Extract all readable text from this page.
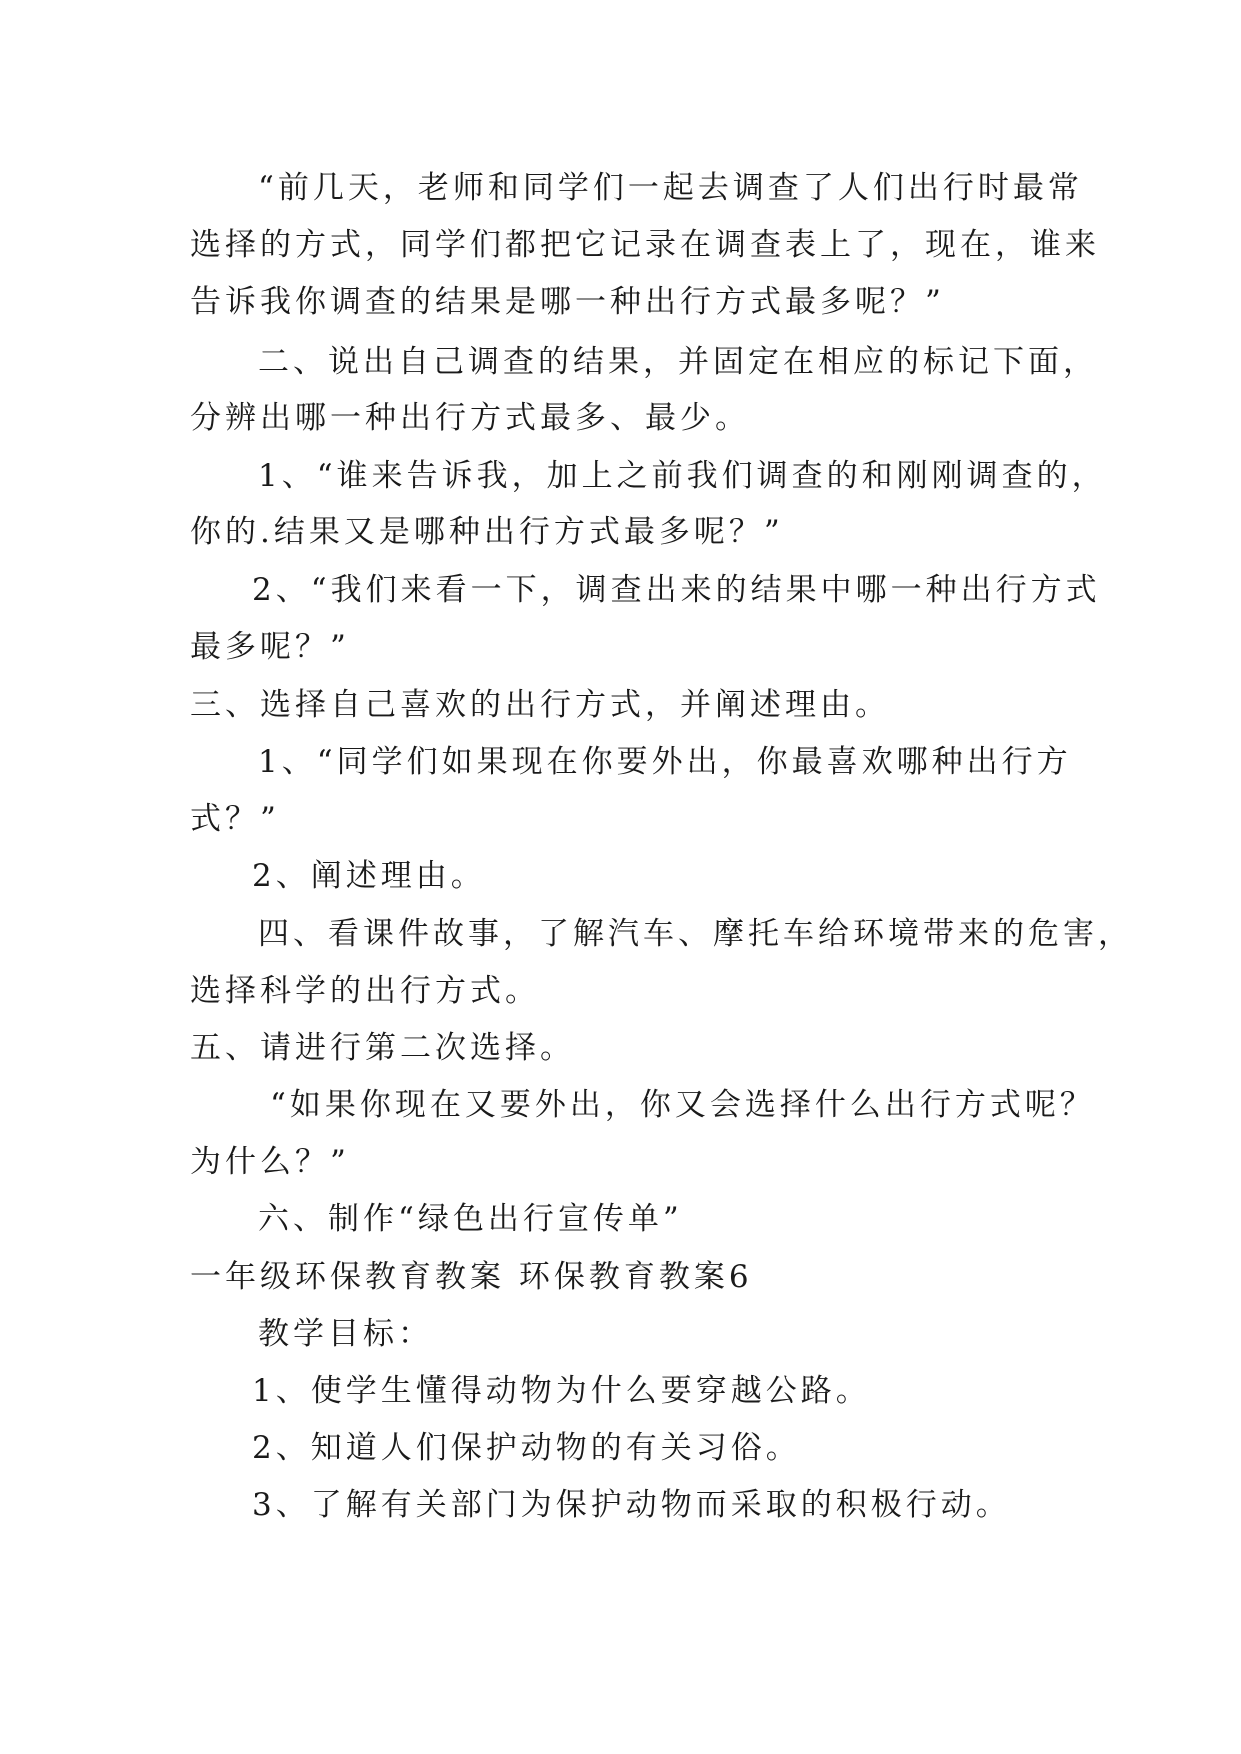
“前几天，老师和同学们一起去调查了人们出行时最常
选择的方式，同学们都把它记录在调查表上了，现在，谁来
告诉我你调查的结果是哪一种出行方式最多呢？”
二、说出自己调查的结果，并固定在相应的标记下面，
分辨出哪一种出行方式最多、最少。
1、“谁来告诉我，加上之前我们调查的和刚刚调查的，
你的.结果又是哪种出行方式最多呢？”
2、“我们来看一下，调查出来的结果中哪一种出行方式
最多呢？”
三、选择自己喜欢的出行方式，并阐述理由。
1、“同学们如果现在你要外出，你最喜欢哪种出行方
式？”
2、阐述理由。
四、看课件故事，了解汽车、摩托车给环境带来的危害，
选择科学的出行方式。
五、请进行第二次选择。
“如果你现在又要外出，你又会选择什么出行方式呢？
为什么？”
六、制作“绿色出行宣传单”
一年级环保教育教案 环保教育教案6
教学目标：
1、使学生懂得动物为什么要穿越公路。
2、知道人们保护动物的有关习俗。
3、了解有关部门为保护动物而采取的积极行动。
